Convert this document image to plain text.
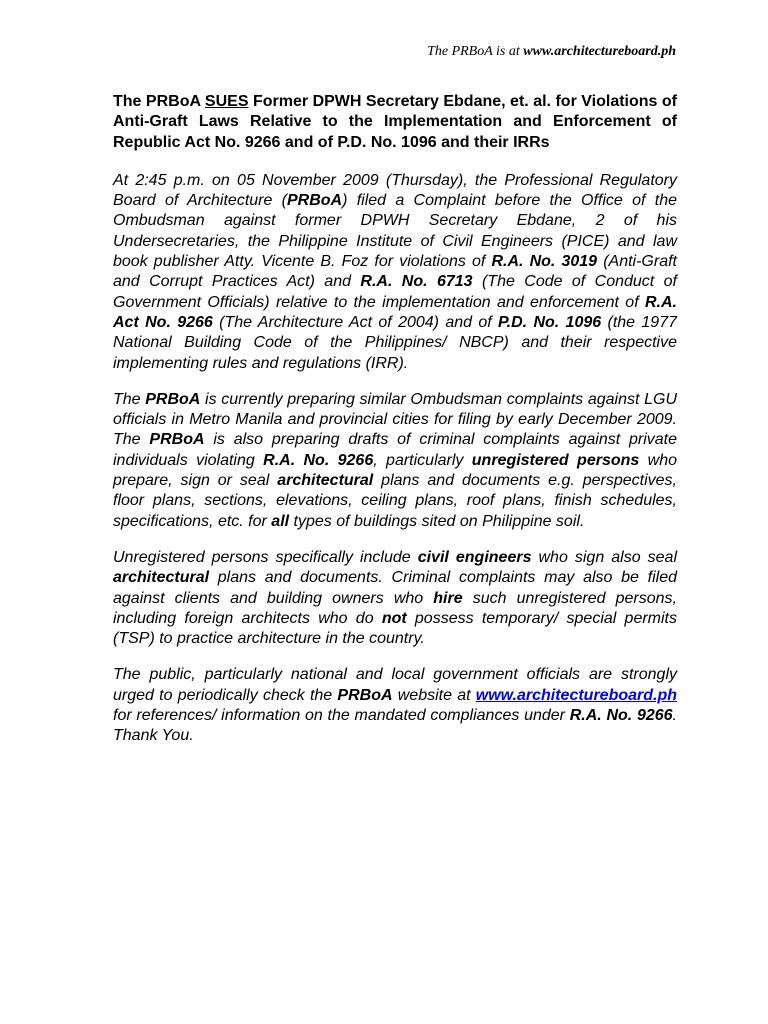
The PRBoA is at www.architectureboard.ph
The PRBoA SUES Former DPWH Secretary Ebdane, et. al. for Violations of Anti-Graft Laws Relative to the Implementation and Enforcement of Republic Act No. 9266 and of P.D. No. 1096 and their IRRs

At 2:45 p.m. on 05 November 2009 (Thursday), the Professional Regulatory Board of Architecture (PRBoA) filed a Complaint before the Office of the Ombudsman against former DPWH Secretary Ebdane, 2 of his Undersecretaries, the Philippine Institute of Civil Engineers (PICE) and law book publisher Atty. Vicente B. Foz for violations of R.A. No. 3019 (Anti-Graft and Corrupt Practices Act) and R.A. No. 6713 (The Code of Conduct of Government Officials) relative to the implementation and enforcement of R.A. Act No. 9266 (The Architecture Act of 2004) and of P.D. No. 1096 (the 1977 National Building Code of the Philippines/ NBCP) and their respective implementing rules and regulations (IRR).

The PRBoA is currently preparing similar Ombudsman complaints against LGU officials in Metro Manila and provincial cities for filing by early December 2009. The PRBoA is also preparing drafts of criminal complaints against private individuals violating R.A. No. 9266, particularly unregistered persons who prepare, sign or seal architectural plans and documents e.g. perspectives, floor plans, sections, elevations, ceiling plans, roof plans, finish schedules, specifications, etc. for all types of buildings sited on Philippine soil.

Unregistered persons specifically include civil engineers who sign also seal architectural plans and documents. Criminal complaints may also be filed against clients and building owners who hire such unregistered persons, including foreign architects who do not possess temporary/ special permits (TSP) to practice architecture in the country.

The public, particularly national and local government officials are strongly urged to periodically check the PRBoA website at www.architectureboard.ph for references/ information on the mandated compliances under R.A. No. 9266. Thank You.
